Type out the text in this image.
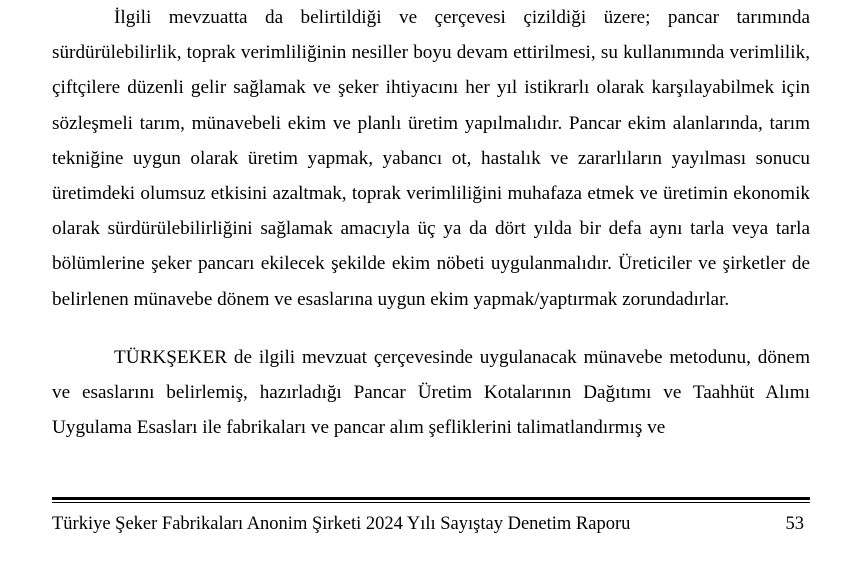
İlgili mevzuatta da belirtildiği ve çerçevesi çizildiği üzere; pancar tarımında sürdürülebilirlik, toprak verimliliğinin nesiller boyu devam ettirilmesi, su kullanımında verimlilik, çiftçilere düzenli gelir sağlamak ve şeker ihtiyacını her yıl istikrarlı olarak karşılayabilmek için sözleşmeli tarım, münavebeli ekim ve planlı üretim yapılmalıdır. Pancar ekim alanlarında, tarım tekniğine uygun olarak üretim yapmak, yabancı ot, hastalık ve zararlıların yayılması sonucu üretimdeki olumsuz etkisini azaltmak, toprak verimliliğini muhafaza etmek ve üretimin ekonomik olarak sürdürülebilirliğini sağlamak amacıyla üç ya da dört yılda bir defa aynı tarla veya tarla bölümlerine şeker pancarı ekilecek şekilde ekim nöbeti uygulanmalıdır. Üreticiler ve şirketler de belirlenen münavebe dönem ve esaslarına uygun ekim yapmak/yaptırmak zorundadırlar.

TÜRKŞEKER de ilgili mevzuat çerçevesinde uygulanacak münavebe metodunu, dönem ve esaslarını belirlemiş, hazırladığı Pancar Üretim Kotalarının Dağıtımı ve Taahhüt Alımı Uygulama Esasları ile fabrikaları ve pancar alım şefliklerini talimatlandırmış ve

Türkiye Şeker Fabrikaları Anonim Şirketi 2024 Yılı Sayıştay Denetim Raporu	53
